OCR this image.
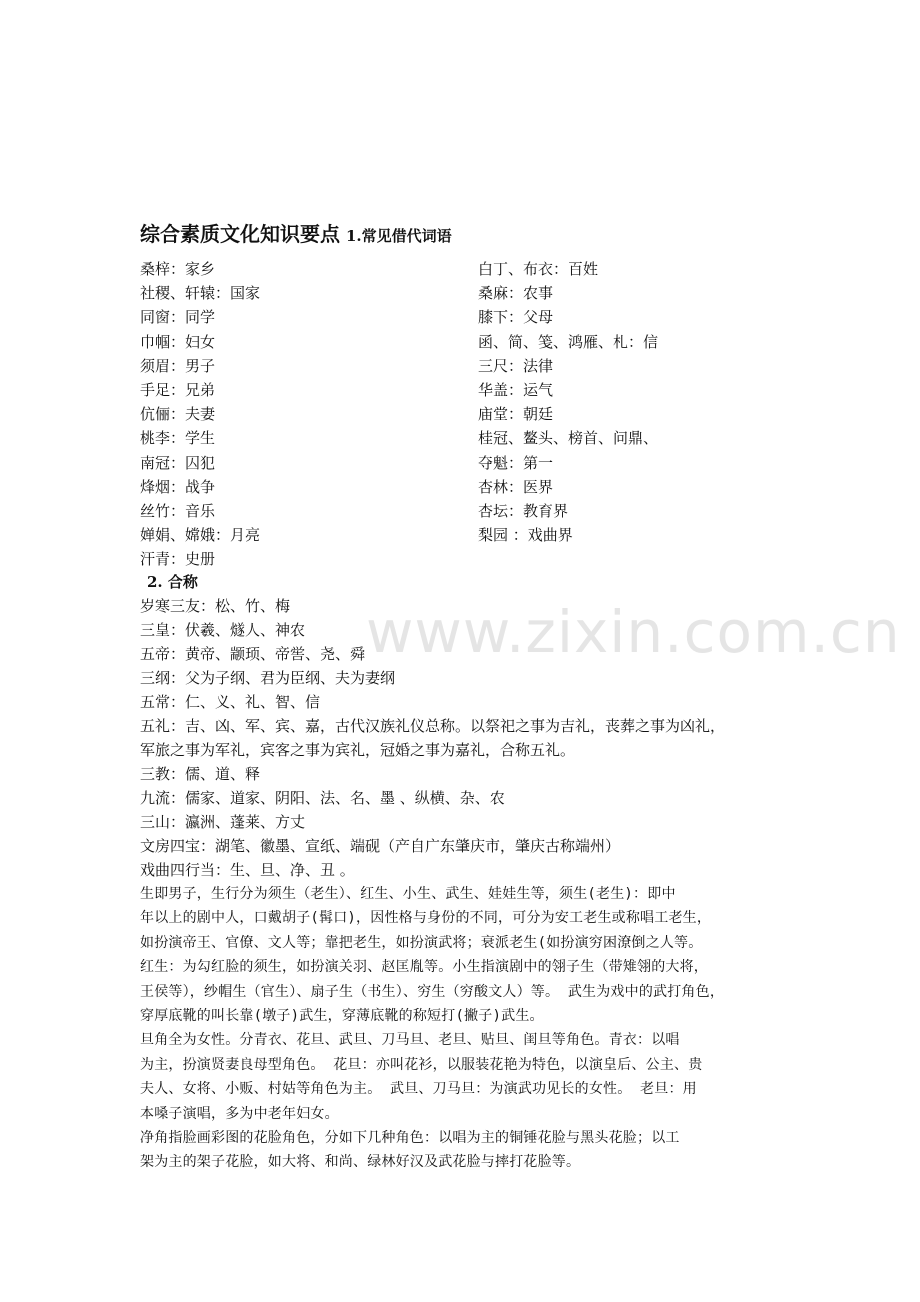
综合素质文化知识要点 1.常见借代词语
桑梓：家乡	白丁、布衣：百姓
社稷、轩辕：国家	桑麻：农事
同窗：同学	膝下：父母
巾帼：妇女	函、简、笺、鸿雁、札：信
须眉：男子	三尺：法律
手足：兄弟	华盖：运气
伉俪：夫妻	庙堂：朝廷
桃李：学生	桂冠、鳌头、榜首、问鼎、
南冠：囚犯	夺魁：第一
烽烟：战争	杏林：医界
丝竹：音乐	杏坛：教育界
婵娟、嫦娥：月亮	梨园 ：戏曲界
汗青：史册
2. 合称
岁寒三友：松、竹、梅
三皇：伏羲、燧人、神农
五帝：黄帝、颛顼、帝喾、尧、舜
三纲：父为子纲、君为臣纲、夫为妻纲
五常：仁、义、礼、智、信
五礼：吉、凶、军、宾、嘉，古代汉族礼仪总称。以祭祀之事为吉礼，丧葬之事为凶礼，
军旅之事为军礼，宾客之事为宾礼，冠婚之事为嘉礼，合称五礼。
三教：儒、道、释
九流：儒家、道家、阴阳、法、名、墨 、纵横、杂、农
三山：瀛洲、蓬莱、方丈
文房四宝：湖笔、徽墨、宣纸、端砚（产自广东肇庆市，肇庆古称端州）
戏曲四行当：生、旦、净、丑 。
生即男子，生行分为须生（老生）、红生、小生、武生、娃娃生等，须生(老生)：即中
年以上的剧中人，口戴胡子(髯口)，因性格与身份的不同，可分为安工老生或称唱工老生，
如扮演帝王、官僚、文人等；靠把老生，如扮演武将；衰派老生(如扮演穷困潦倒之人等。
红生：为勾红脸的须生，如扮演关羽、赵匡胤等。小生指演剧中的翎子生（带雉翎的大将，
王侯等），纱帽生（官生）、扇子生（书生）、穷生（穷酸文人）等。 武生为戏中的武打角色，
穿厚底靴的叫长靠(墩子)武生，穿薄底靴的称短打(撇子)武生。
旦角全为女性。分青衣、花旦、武旦、刀马旦、老旦、贴旦、闺旦等角色。青衣：以唱
为主，扮演贤妻良母型角色。 花旦：亦叫花衫，以服装花艳为特色，以演皇后、公主、贵
夫人、女将、小贩、村姑等角色为主。 武旦、刀马旦：为演武功见长的女性。 老旦：用
本嗓子演唱，多为中老年妇女。
净角指脸画彩图的花脸角色，分如下几种角色：以唱为主的铜锤花脸与黑头花脸；以工
架为主的架子花脸，如大将、和尚、绿林好汉及武花脸与摔打花脸等。
www.zixin.com.cn
